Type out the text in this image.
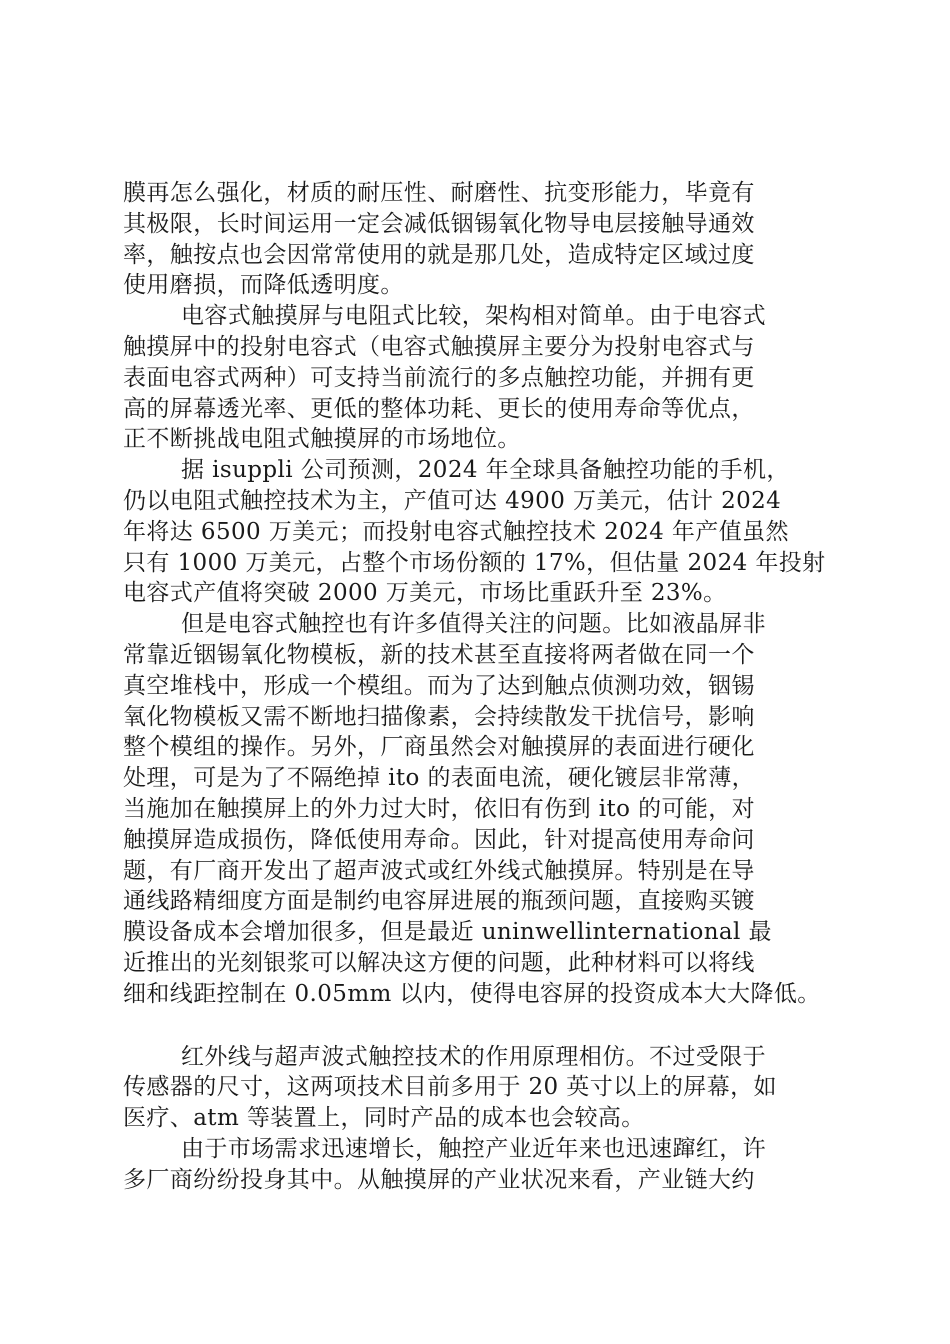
膜再怎么强化，材质的耐压性、耐磨性、抗变形能力，毕竟有
其极限，长时间运用一定会减低铟锡氧化物导电层接触导通效
率，触按点也会因常常使用的就是那几处，造成特定区域过度
使用磨损，而降低透明度。
电容式触摸屏与电阻式比较，架构相对简单。由于电容式
触摸屏中的投射电容式（电容式触摸屏主要分为投射电容式与
表面电容式两种）可支持当前流行的多点触控功能，并拥有更
高的屏幕透光率、更低的整体功耗、更长的使用寿命等优点，
正不断挑战电阻式触摸屏的市场地位。
据 isuppli 公司预测，2024 年全球具备触控功能的手机，
仍以电阻式触控技术为主，产值可达 4900 万美元，估计 2024
年将达 6500 万美元；而投射电容式触控技术 2024 年产值虽然
只有 1000 万美元，占整个市场份额的 17%，但估量 2024 年投射
电容式产值将突破 2000 万美元，市场比重跃升至 23%。
但是电容式触控也有许多值得关注的问题。比如液晶屏非
常靠近铟锡氧化物模板，新的技术甚至直接将两者做在同一个
真空堆栈中，形成一个模组。而为了达到触点侦测功效，铟锡
氧化物模板又需不断地扫描像素，会持续散发干扰信号，影响
整个模组的操作。另外，厂商虽然会对触摸屏的表面进行硬化
处理，可是为了不隔绝掉 ito 的表面电流，硬化镀层非常薄，
当施加在触摸屏上的外力过大时，依旧有伤到 ito 的可能，对
触摸屏造成损伤，降低使用寿命。因此，针对提高使用寿命问
题，有厂商开发出了超声波式或红外线式触摸屏。特别是在导
通线路精细度方面是制约电容屏进展的瓶颈问题，直接购买镀
膜设备成本会增加很多，但是最近 uninwellinternational 最
近推出的光刻银浆可以解决这方便的问题，此种材料可以将线
细和线距控制在 0.05mm 以内，使得电容屏的投资成本大大降低。
红外线与超声波式触控技术的作用原理相仿。不过受限于
传感器的尺寸，这两项技术目前多用于 20 英寸以上的屏幕，如
医疗、atm 等装置上，同时产品的成本也会较高。
由于市场需求迅速增长，触控产业近年来也迅速蹿红，许
多厂商纷纷投身其中。从触摸屏的产业状况来看，产业链大约
